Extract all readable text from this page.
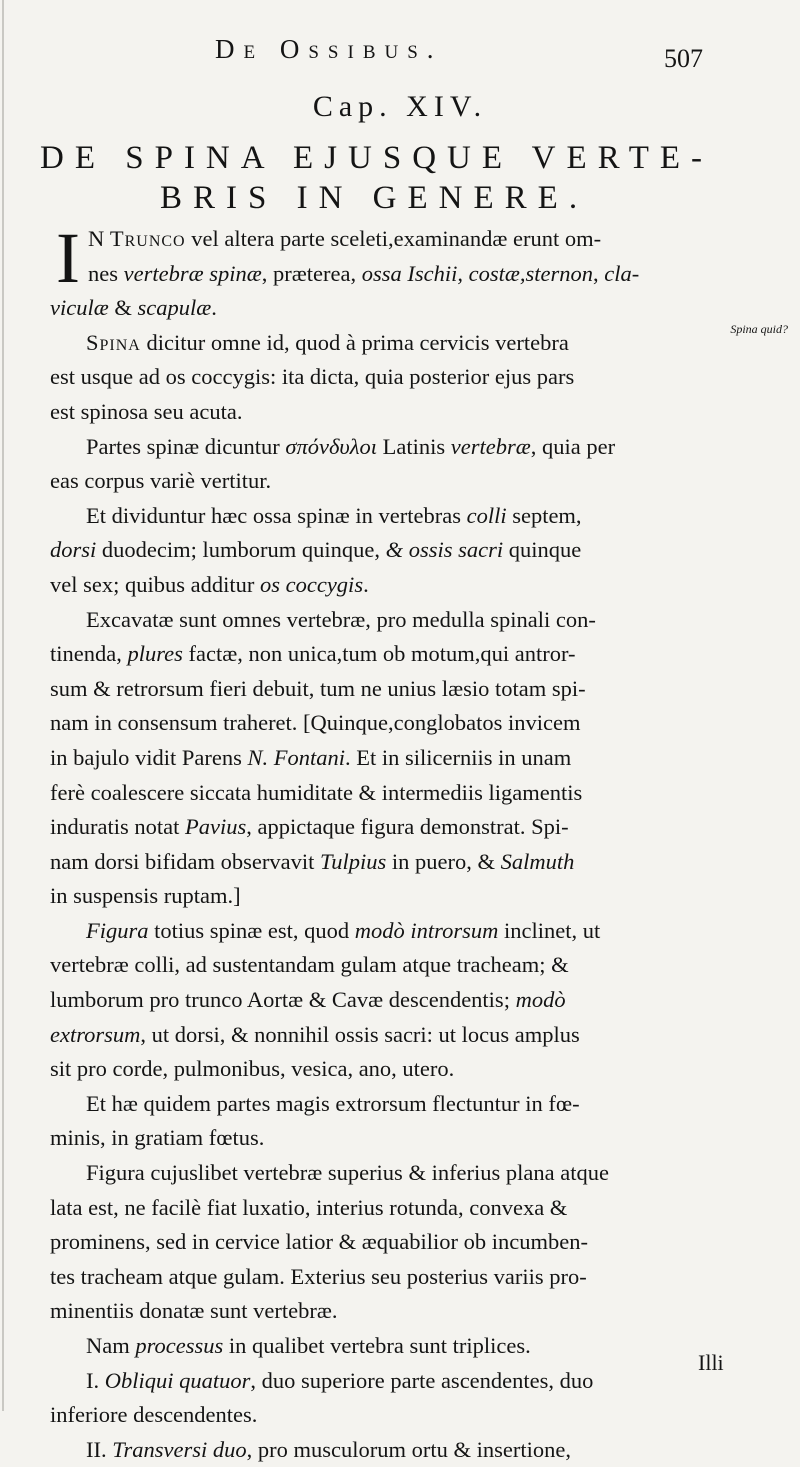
De Ossibus.	507
Cap. XIV.
DE SPINA EJUSQUE VERTE-
BRIS IN GENERE.
Spina quid?
I N Trunco vel altera parte sceleti,examinandæ erunt om-
nes vertebræ spinæ, præterea, ossa Ischii, costæ,sternon, cla-
viculæ & scapulæ.
Spina dicitur omne id, quod à prima cervicis vertebra
est usque ad os coccygis: ita dicta, quia posterior ejus pars
est spinosa seu acuta.
Partes spinæ dicuntur σπόνδυλοι Latinis vertebræ, quia per
eas corpus variè vertitur.
Et dividuntur hæc ossa spinæ in vertebras colli septem,
dorsi duodecim; lumborum quinque, & ossis sacri quinque
vel sex; quibus additur os coccygis.
Excavatæ sunt omnes vertebræ, pro medulla spinali con-
tinenda, plures factæ, non unica,tum ob motum,qui antror-
sum & retrorsum fieri debuit, tum ne unius læsio totam spi-
nam in consensum traheret. [Quinque,conglobatos invicem
in bajulo vidit Parens N. Fontani. Et in silicerniis in unam
ferè coalescere siccata humiditate & intermediis ligamentis
induratis notat Pavius, appictaque figura demonstrat. Spi-
nam dorsi bifidam observavit Tulpius in puero, & Salmuth
in suspensis ruptam.]
Figura totius spinæ est, quod modò introrsum inclinet, ut
vertebræ colli, ad sustentandam gulam atque tracheam; &
lumborum pro trunco Aortæ & Cavæ descendentis; modò
extrorsum, ut dorsi, & nonnihil ossis sacri: ut locus amplus
sit pro corde, pulmonibus, vesica, ano, utero.
Et hæ quidem partes magis extrorsum flectuntur in fœ-
minis, in gratiam fœtus.
Figura cujuslibet vertebræ superius & inferius plana atque
lata est, ne facilè fiat luxatio, interius rotunda, convexa &
prominens, sed in cervice latior & æquabilior ob incumben-
tes tracheam atque gulam. Exterius seu posterius variis pro-
minentiis donatæ sunt vertebræ.
Nam processus in qualibet vertebra sunt triplices.
I. Obliqui quatuor, duo superiore parte ascendentes, duo
inferiore descendentes.
II. Transversi duo, pro musculorum ortu & insertione,
Illi
